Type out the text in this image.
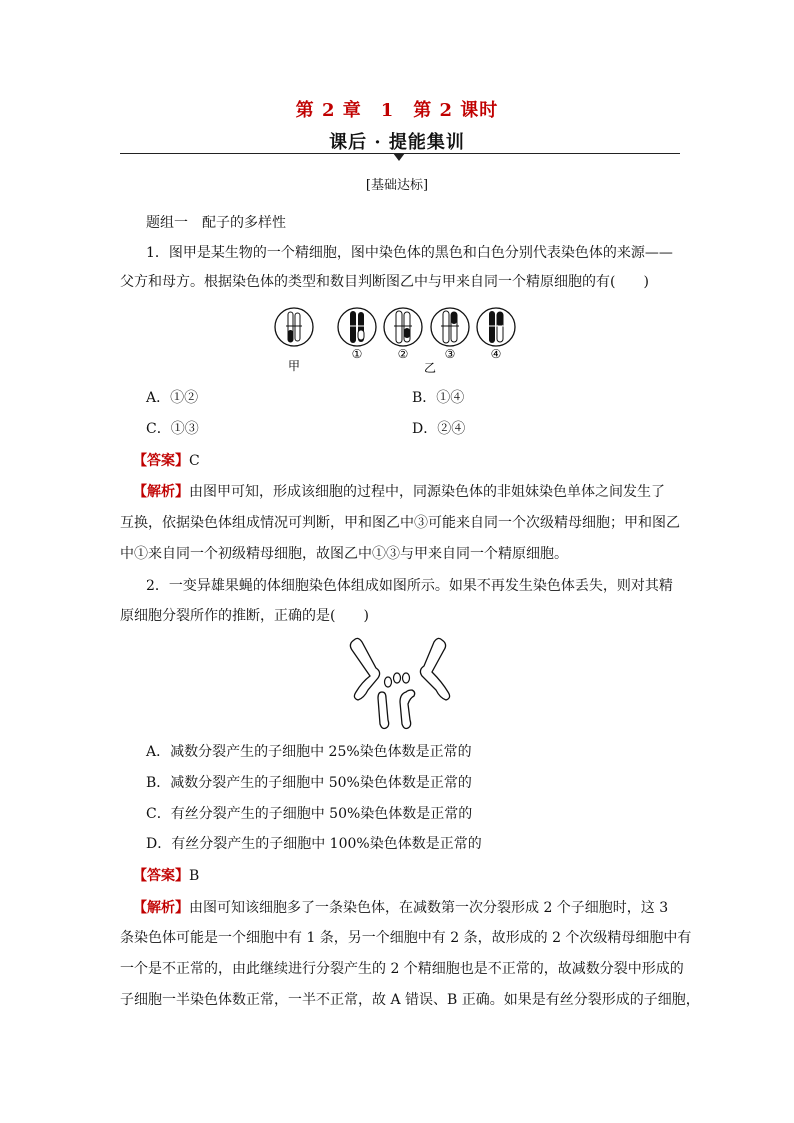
第 2 章　1　第 2 课时
课后 · 提能集训
[基础达标]
题组一　配子的多样性
1．图甲是某生物的一个精细胞，图中染色体的黑色和白色分别代表染色体的来源——
父方和母方。根据染色体的类型和数目判断图乙中与甲来自同一个精原细胞的有(　　)
甲
①	②	③	④
乙
A．①②	B．①④
C．①③	D．②④
【答案】C
【解析】由图甲可知，形成该细胞的过程中，同源染色体的非姐妹染色单体之间发生了
互换，依据染色体组成情况可判断，甲和图乙中③可能来自同一个次级精母细胞；甲和图乙
中①来自同一个初级精母细胞，故图乙中①③与甲来自同一个精原细胞。
2．一变异雄果蝇的体细胞染色体组成如图所示。如果不再发生染色体丢失，则对其精
原细胞分裂所作的推断，正确的是(　　)
A．减数分裂产生的子细胞中 25%染色体数是正常的
B．减数分裂产生的子细胞中 50%染色体数是正常的
C．有丝分裂产生的子细胞中 50%染色体数是正常的
D．有丝分裂产生的子细胞中 100%染色体数是正常的
【答案】B
【解析】由图可知该细胞多了一条染色体，在减数第一次分裂形成 2 个子细胞时，这 3
条染色体可能是一个细胞中有 1 条，另一个细胞中有 2 条，故形成的 2 个次级精母细胞中有
一个是不正常的，由此继续进行分裂产生的 2 个精细胞也是不正常的，故减数分裂中形成的
子细胞一半染色体数正常，一半不正常，故 A 错误、B 正确。如果是有丝分裂形成的子细胞，
